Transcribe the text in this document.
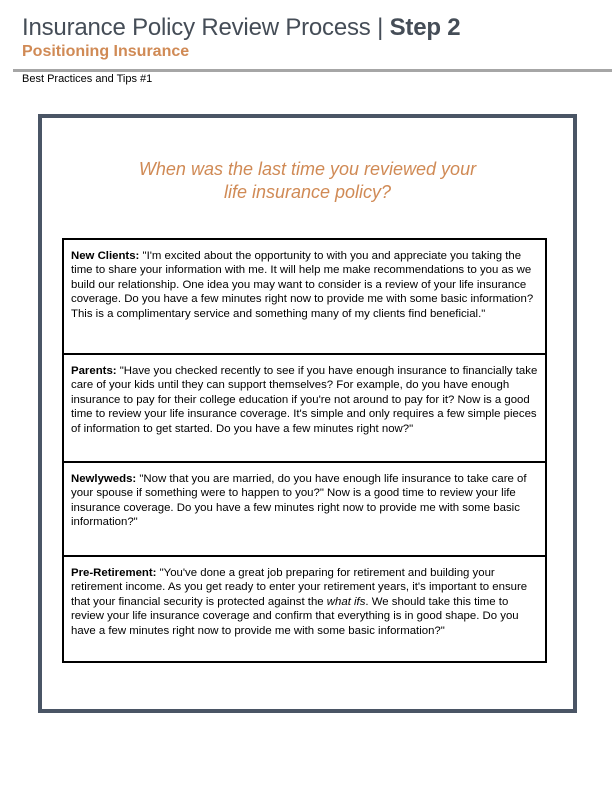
Insurance Policy Review Process | Step 2
Positioning Insurance
Best Practices and Tips #1
When was the last time you reviewed your
life insurance policy?
New Clients: "I'm excited about the opportunity to with you and appreciate you taking the time to share your information with me. It will help me make recommendations to you as we build our relationship. One idea you may want to consider is a review of your life insurance coverage. Do you have a few minutes right now to provide me with some basic information? This is a complimentary service and something many of my clients find beneficial."
Parents: "Have you checked recently to see if you have enough insurance to financially take care of your kids until they can support themselves? For example, do you have enough insurance to pay for their college education if you're not around to pay for it? Now is a good time to review your life insurance coverage. It's simple and only requires a few simple pieces of information to get started. Do you have a few minutes right now?"
Newlyweds: "Now that you are married, do you have enough life insurance to take care of your spouse if something were to happen to you?" Now is a good time to review your life insurance coverage. Do you have a few minutes right now to provide me with some basic information?"
Pre-Retirement: "You've done a great job preparing for retirement and building your retirement income. As you get ready to enter your retirement years, it's important to ensure that your financial security is protected against the what ifs. We should take this time to review your life insurance coverage and confirm that everything is in good shape. Do you have a few minutes right now to provide me with some basic information?"
